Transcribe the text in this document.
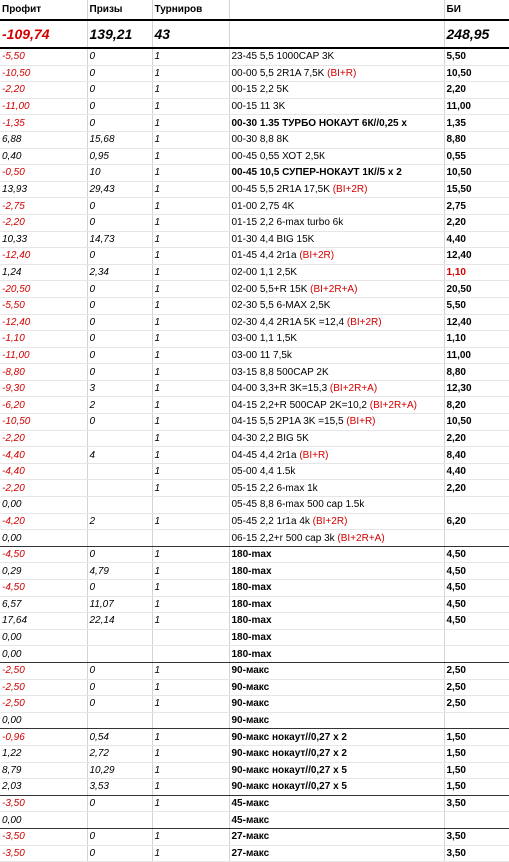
Профит	Призы	Турниров		БИ
-109,74	139,21	43		248,95
-5,50	0	1	23-45 5,5 1000CAP 3K	5,50
-10,50	0	1	00-00 5,5 2R1A 7,5K (BI+R)	10,50
-2,20	0	1	00-15 2,2 5K	2,20
-11,00	0	1	00-15 11 3K	11,00
-1,35	0	1	00-30 1.35 ТУРБО НОКАУТ 6К//0,25 х	1,35
6,88	15,68	1	00-30 8,8 8K	8,80
0,40	0,95	1	00-45 0,55 ХОТ 2,5К	0,55
-0,50	10	1	00-45 10,5 СУПЕР-НОКАУТ 1К//5 х 2	10,50
13,93	29,43	1	00-45 5,5 2R1A 17,5K (BI+2R)	15,50
-2,75	0	1	01-00 2,75 4K	2,75
-2,20	0	1	01-15 2,2 6-max turbo 6k	2,20
10,33	14,73	1	01-30 4,4 BIG 15K	4,40
-12,40	0	1	01-45 4,4 2r1a (BI+2R)	12,40
1,24	2,34	1	02-00 1,1 2,5K	1,10
-20,50	0	1	02-00 5,5+R 15K (BI+2R+A)	20,50
-5,50	0	1	02-30 5,5 6-MAX 2,5K	5,50
-12,40	0	1	02-30 4,4 2R1A 5K =12,4 (BI+2R)	12,40
-1,10	0	1	03-00 1,1 1,5K	1,10
-11,00	0	1	03-00 11 7,5k	11,00
-8,80	0	1	03-15 8,8 500CAP 2K	8,80
-9,30	3	1	04-00 3,3+R 3K=15,3 (BI+2R+A)	12,30
-6,20	2	1	04-15 2,2+R 500CAP 2K=10,2 (BI+2R+A)	8,20
-10,50	0	1	04-15 5,5 2P1A 3K =15,5 (BI+R)	10,50
-2,20		1	04-30 2,2 BIG 5K	2,20
-4,40	4	1	04-45 4,4 2r1a (BI+R)	8,40
-4,40		1	05-00 4,4 1.5k	4,40
-2,20		1	05-15 2,2 6-max 1k	2,20
0,00			05-45 8,8 6-max 500 cap 1.5k	
-4,20	2	1	05-45 2,2 1r1a 4k (BI+2R)	6,20
0,00			06-15 2,2+r 500 cap 3k (BI+2R+A)	
-4,50	0	1	180-max	4,50
0,29	4,79	1	180-max	4,50
-4,50	0	1	180-max	4,50
6,57	11,07	1	180-max	4,50
17,64	22,14	1	180-max	4,50
0,00			180-max	
0,00			180-max	
-2,50	0	1	90-макс	2,50
-2,50	0	1	90-макс	2,50
-2,50	0	1	90-макс	2,50
0,00			90-макс	
-0,96	0,54	1	90-макс нокаут//0,27 х 2	1,50
1,22	2,72	1	90-макс нокаут//0,27 х 2	1,50
8,79	10,29	1	90-макс нокаут//0,27 х 5	1,50
2,03	3,53	1	90-макс нокаут//0,27 х 5	1,50
-3,50	0	1	45-макс	3,50
0,00			45-макс	
-3,50	0	1	27-макс	3,50
-3,50	0	1	27-макс	3,50
